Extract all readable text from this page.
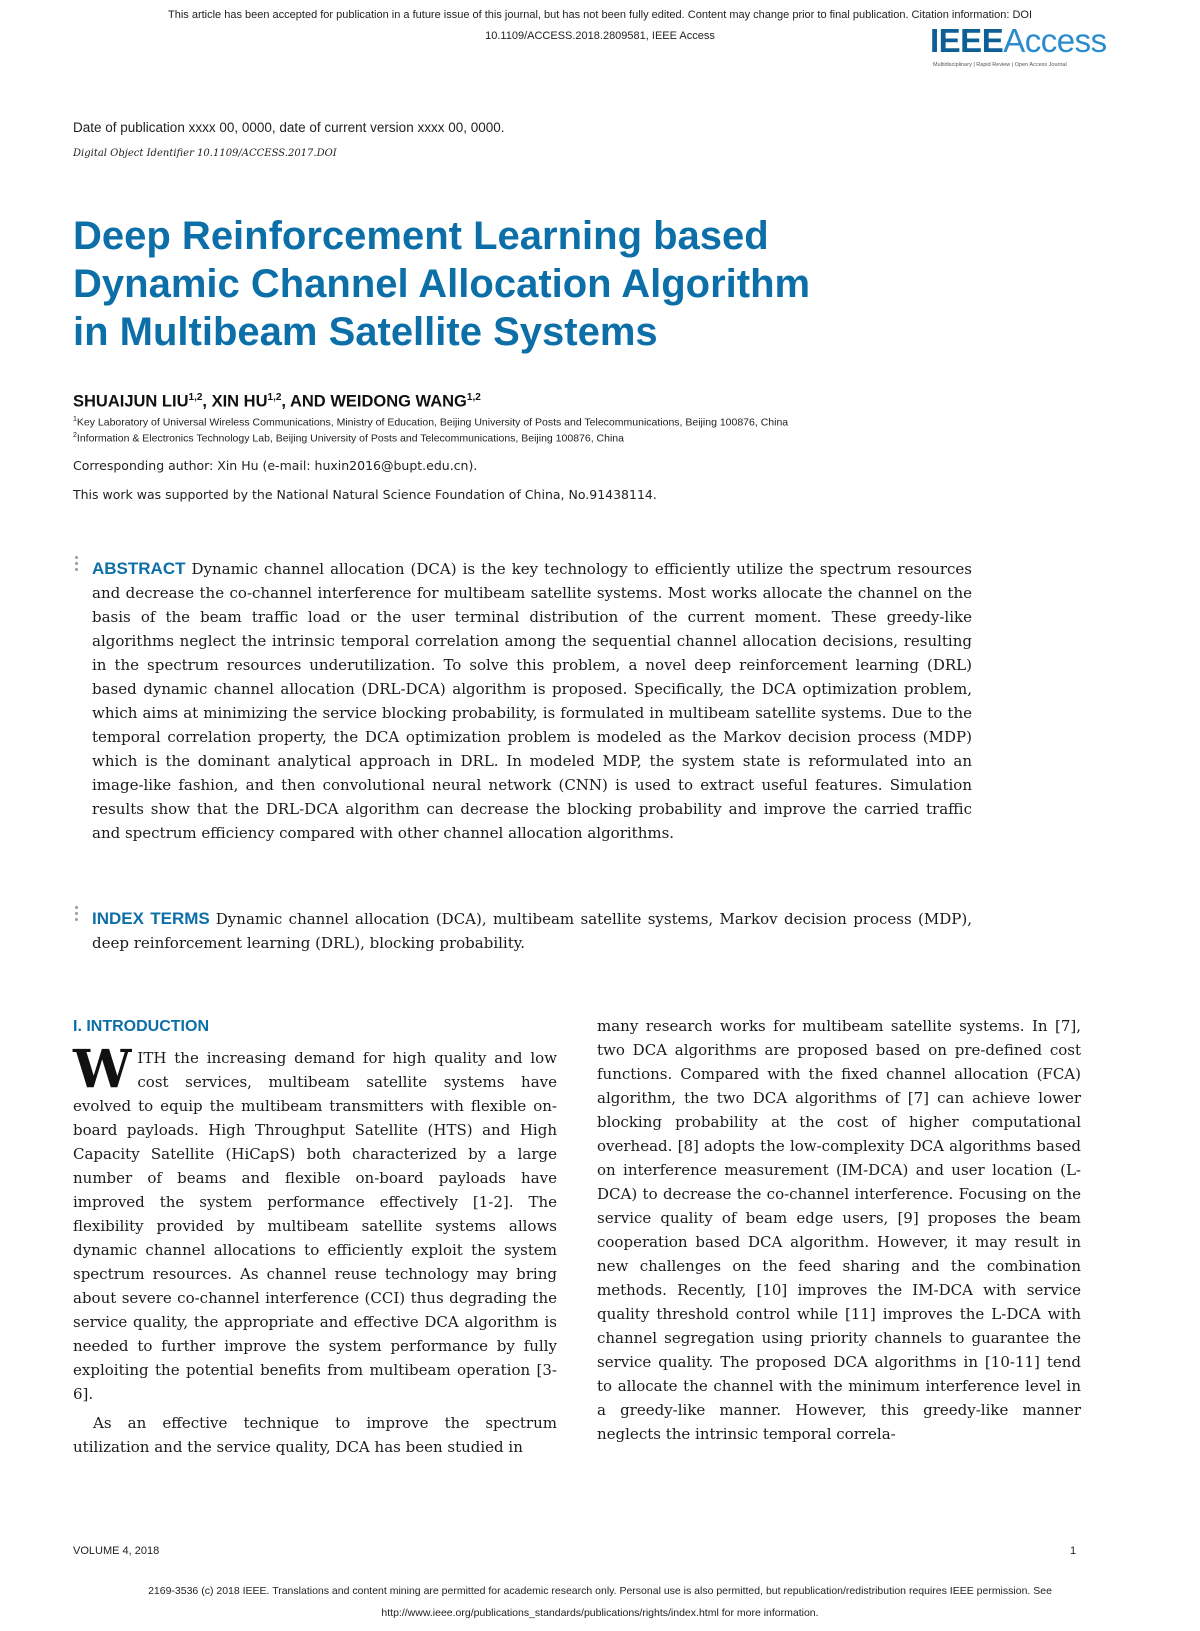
This article has been accepted for publication in a future issue of this journal, but has not been fully edited. Content may change prior to final publication. Citation information: DOI
10.1109/ACCESS.2018.2809581, IEEE Access	IEEEAccess
Multidisciplinary | Rapid Review | Open Access Journal
Date of publication xxxx 00, 0000, date of current version xxxx 00, 0000.
Digital Object Identifier 10.1109/ACCESS.2017.DOI
Deep Reinforcement Learning based
Dynamic Channel Allocation Algorithm
in Multibeam Satellite Systems
SHUAIJUN LIU$^{1,2}$, XIN HU$^{1,2}$, AND WEIDONG WANG$^{1,2}$
$^1$Key Laboratory of Universal Wireless Communications, Ministry of Education, Beijing University of Posts and Telecommunications, Beijing 100876, China
$^2$Information & Electronics Technology Lab, Beijing University of Posts and Telecommunications, Beijing 100876, China
Corresponding author: Xin Hu (e-mail: huxin2016@bupt.edu.cn).
This work was supported by the National Natural Science Foundation of China, No.91438114.
ABSTRACT Dynamic channel allocation (DCA) is the key technology to efficiently utilize the spectrum resources and decrease the co-channel interference for multibeam satellite systems. Most works allocate the channel on the basis of the beam traffic load or the user terminal distribution of the current moment. These greedy-like algorithms neglect the intrinsic temporal correlation among the sequential channel allocation decisions, resulting in the spectrum resources underutilization. To solve this problem, a novel deep reinforcement learning (DRL) based dynamic channel allocation (DRL-DCA) algorithm is proposed. Specifically, the DCA optimization problem, which aims at minimizing the service blocking probability, is formulated in multibeam satellite systems. Due to the temporal correlation property, the DCA optimization problem is modeled as the Markov decision process (MDP) which is the dominant analytical approach in DRL. In modeled MDP, the system state is reformulated into an image-like fashion, and then convolutional neural network (CNN) is used to extract useful features. Simulation results show that the DRL-DCA algorithm can decrease the blocking probability and improve the carried traffic and spectrum efficiency compared with other channel allocation algorithms.
INDEX TERMS Dynamic channel allocation (DCA), multibeam satellite systems, Markov decision process (MDP), deep reinforcement learning (DRL), blocking probability.
I. INTRODUCTION

WITH the increasing demand for high quality and low cost services, multibeam satellite systems have evolved to equip the multibeam transmitters with flexible on-board payloads. High Throughput Satellite (HTS) and High Capacity Satellite (HiCapS) both characterized by a large number of beams and flexible on-board payloads have improved the system performance effectively [1-2]. The flexibility provided by multibeam satellite systems allows dynamic channel allocations to efficiently exploit the system spectrum resources. As channel reuse technology may bring about severe co-channel interference (CCI) thus degrading the service quality, the appropriate and effective DCA algorithm is needed to further improve the system performance by fully exploiting the potential benefits from multibeam operation [3-6].

As an effective technique to improve the spectrum utilization and the service quality, DCA has been studied in

many research works for multibeam satellite systems. In [7], two DCA algorithms are proposed based on pre-defined cost functions. Compared with the fixed channel allocation (FCA) algorithm, the two DCA algorithms of [7] can achieve lower blocking probability at the cost of higher computational overhead. [8] adopts the low-complexity DCA algorithms based on interference measurement (IM-DCA) and user location (L-DCA) to decrease the co-channel interference. Focusing on the service quality of beam edge users, [9] proposes the beam cooperation based DCA algorithm. However, it may result in new challenges on the feed sharing and the combination methods. Recently, [10] improves the IM-DCA with service quality threshold control while [11] improves the L-DCA with channel segregation using priority channels to guarantee the service quality. The proposed DCA algorithms in [10-11] tend to allocate the channel with the minimum interference level in a greedy-like manner. However, this greedy-like manner neglects the intrinsic temporal correla-

VOLUME 4, 2018	1
2169-3536 (c) 2018 IEEE. Translations and content mining are permitted for academic research only. Personal use is also permitted, but republication/redistribution requires IEEE permission. See
http://www.ieee.org/publications_standards/publications/rights/index.html for more information.
